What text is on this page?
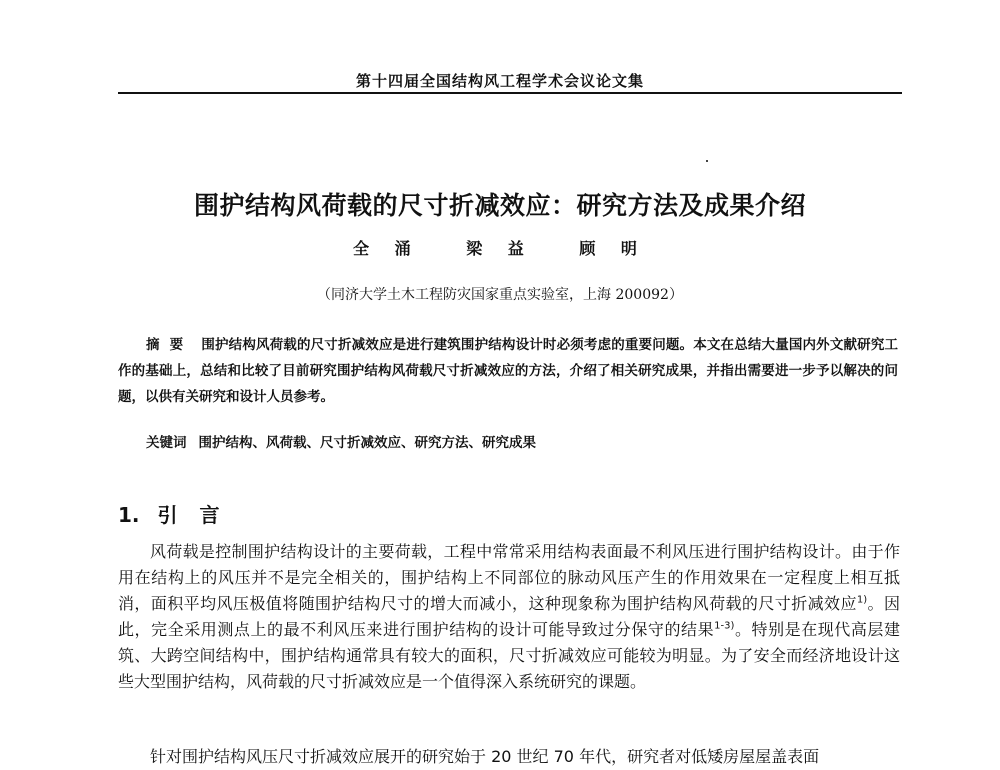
第十四届全国结构风工程学术会议论文集
围护结构风荷载的尺寸折减效应：研究方法及成果介绍
全 涌	梁 益	顾 明
（同济大学土木工程防灾国家重点实验室，上海 200092）
摘要 围护结构风荷载的尺寸折减效应是进行建筑围护结构设计时必须考虑的重要问题。本文在总结大量国内外文献研究工作的基础上，总结和比较了目前研究围护结构风荷载尺寸折减效应的方法，介绍了相关研究成果，并指出需要进一步予以解决的问题，以供有关研究和设计人员参考。
关键词 围护结构、风荷载、尺寸折减效应、研究方法、研究成果
1. 引言
风荷载是控制围护结构设计的主要荷载，工程中常常采用结构表面最不利风压进行围护结构设计。由于作用在结构上的风压并不是完全相关的，围护结构上不同部位的脉动风压产生的作用效果在一定程度上相互抵消，面积平均风压极值将随围护结构尺寸的增大而减小，这种现象称为围护结构风荷载的尺寸折减效应$^{1)}$。因此，完全采用测点上的最不利风压来进行围护结构的设计可能导致过分保守的结果$^{1-3)}$。特别是在现代高层建筑、大跨空间结构中，围护结构通常具有较大的面积，尺寸折减效应可能较为明显。为了安全而经济地设计这些大型围护结构，风荷载的尺寸折减效应是一个值得深入系统研究的课题。
针对围护结构风压尺寸折减效应展开的研究始于 20 世纪 70 年代，研究者对低矮房屋屋盖表面
